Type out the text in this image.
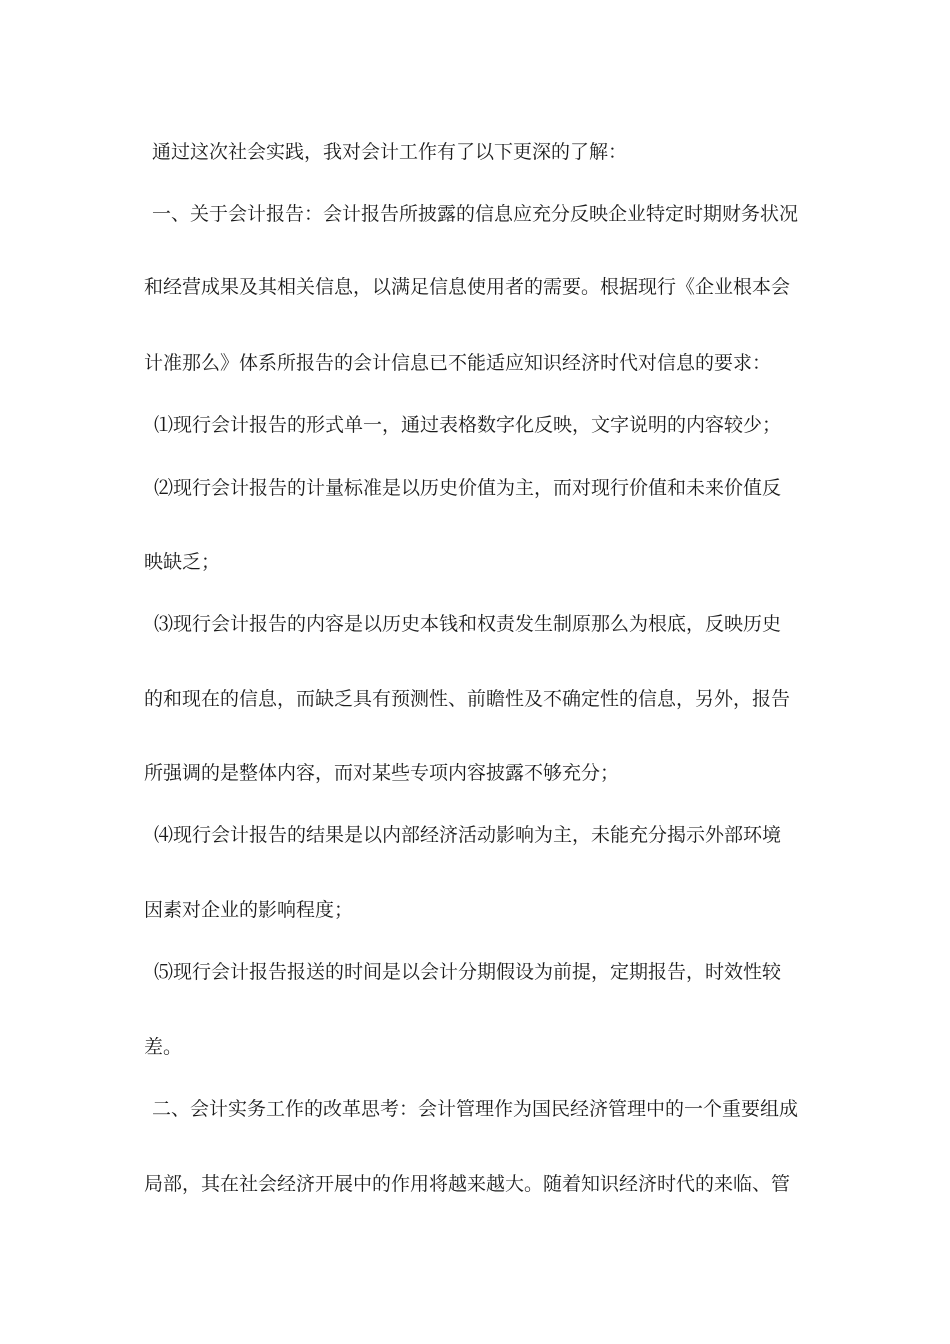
通过这次社会实践，我对会计工作有了以下更深的了解：
一、关于会计报告：会计报告所披露的信息应充分反映企业特定时期财务状况
和经营成果及其相关信息，以满足信息使用者的需要。根据现行《企业根本会
计准那么》体系所报告的会计信息已不能适应知识经济时代对信息的要求：
⑴现行会计报告的形式单一，通过表格数字化反映，文字说明的内容较少；
⑵现行会计报告的计量标准是以历史价值为主，而对现行价值和未来价值反
映缺乏；
⑶现行会计报告的内容是以历史本钱和权责发生制原那么为根底，反映历史
的和现在的信息，而缺乏具有预测性、前瞻性及不确定性的信息，另外，报告
所强调的是整体内容，而对某些专项内容披露不够充分；
⑷现行会计报告的结果是以内部经济活动影响为主，未能充分揭示外部环境
因素对企业的影响程度；
⑸现行会计报告报送的时间是以会计分期假设为前提，定期报告，时效性较
差。
二、会计实务工作的改革思考：会计管理作为国民经济管理中的一个重要组成
局部，其在社会经济开展中的作用将越来越大。随着知识经济时代的来临、管
